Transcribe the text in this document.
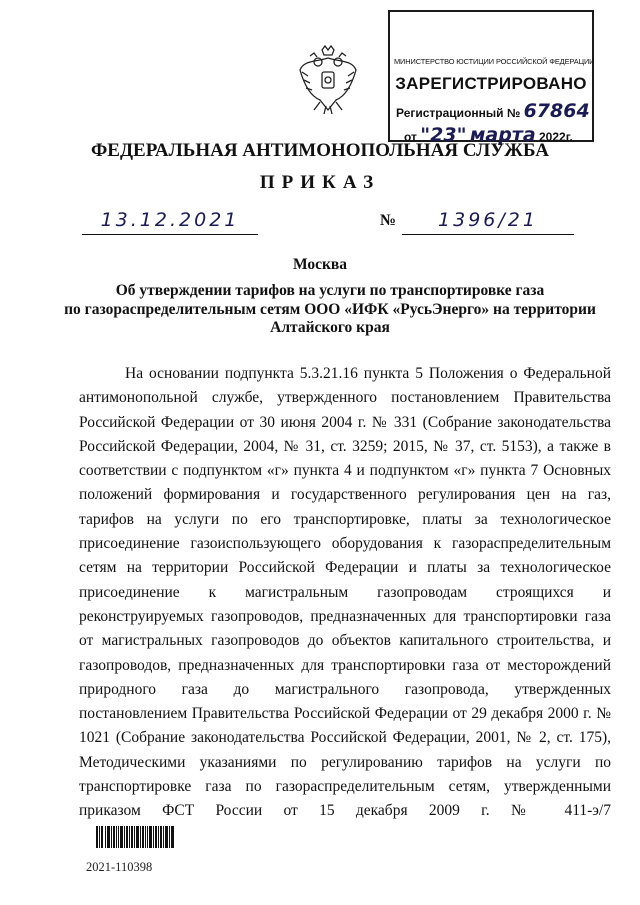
МИНИСТЕРСТВО ЮСТИЦИИ РОССИЙСКОЙ ФЕДЕРАЦИИ
ЗАРЕГИСТРИРОВАНО
Регистрационный № 67864
от "23" марта 2022г.
ФЕДЕРАЛЬНАЯ АНТИМОНОПОЛЬНАЯ СЛУЖБА
ПРИКАЗ
13.12.2021	№	1396/21
Москва
Об утверждении тарифов на услуги по транспортировке газа
по газораспределительным сетям ООО «ИФК «РусьЭнерго» на территории
Алтайского края
На основании подпункта 5.3.21.16 пункта 5 Положения о Федеральной антимонопольной службе, утвержденного постановлением Правительства Российской Федерации от 30 июня 2004 г. № 331 (Собрание законодательства Российской Федерации, 2004, № 31, ст. 3259; 2015, № 37, ст. 5153), а также в соответствии с подпунктом «г» пункта 4 и подпунктом «г» пункта 7 Основных положений формирования и государственного регулирования цен на газ, тарифов на услуги по его транспортировке, платы за технологическое присоединение газоиспользующего оборудования к газораспределительным сетям на территории Российской Федерации и платы за технологическое присоединение к магистральным газопроводам строящихся и реконструируемых газопроводов, предназначенных для транспортировки газа от магистральных газопроводов до объектов капитального строительства, и газопроводов, предназначенных для транспортировки газа от месторождений природного газа до магистрального газопровода, утвержденных постановлением Правительства Российской Федерации от 29 декабря 2000 г. № 1021 (Собрание законодательства Российской Федерации, 2001, № 2, ст. 175), Методическими указаниями по регулированию тарифов на услуги по транспортировке газа по газораспределительным сетям, утвержденными приказом ФСТ России от 15 декабря 2009 г. № 411-э/7
2021-110398
